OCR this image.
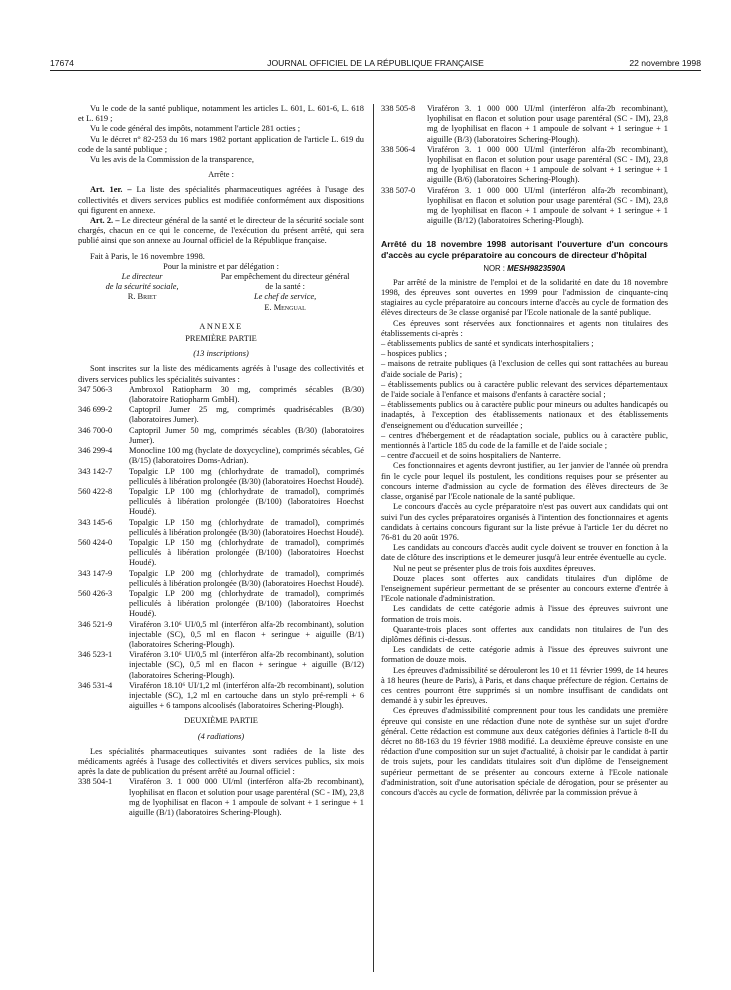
17674	JOURNAL OFFICIEL DE LA RÉPUBLIQUE FRANÇAISE	22 novembre 1998

Vu le code de la santé publique, notamment les articles L. 601, L. 601-6, L. 618 et L. 619 ;

Vu le code général des impôts, notamment l'article 281 octies ;

Vu le décret n° 82-253 du 16 mars 1982 portant application de l'article L. 619 du code de la santé publique ;

Vu les avis de la Commission de la transparence,

Arrête :

Art. 1er. – La liste des spécialités pharmaceutiques agréées à l'usage des collectivités et divers services publics est modifiée conformément aux dispositions qui figurent en annexe.

Art. 2. – Le directeur général de la santé et le directeur de la sécurité sociale sont chargés, chacun en ce qui le concerne, de l'exécution du présent arrêté, qui sera publié ainsi que son annexe au Journal officiel de la République française.

Fait à Paris, le 16 novembre 1998.

Pour la ministre et par délégation :

Le directeur
de la sécurité sociale,
R. Briet
Par empêchement du directeur général
de la santé :
Le chef de service,
E. Mengual

ANNEXE

PREMIÈRE PARTIE

(13 inscriptions)

Sont inscrites sur la liste des médicaments agréés à l'usage des collectivités et divers services publics les spécialités suivantes :

347 506-3	Ambroxol Ratiopharm 30 mg, comprimés sécables (B/30) (laboratoire Ratiopharm GmbH).
346 699-2	Captopril Jumer 25 mg, comprimés quadrisécables (B/30) (laboratoires Jumer).
346 700-0	Captopril Jumer 50 mg, comprimés sécables (B/30) (laboratoires Jumer).
346 299-4	Monocline 100 mg (hyclate de doxycycline), comprimés sécables, Gé (B/15) (laboratoires Doms-Adrian).
343 142-7	Topalgic LP 100 mg (chlorhydrate de tramadol), comprimés pelliculés à libération prolongée (B/30) (laboratoires Hoechst Houdé).
560 422-8	Topalgic LP 100 mg (chlorhydrate de tramadol), comprimés pelliculés à libération prolongée (B/100) (laboratoires Hoechst Houdé).
343 145-6	Topalgic LP 150 mg (chlorhydrate de tramadol), comprimés pelliculés à libération prolongée (B/30) (laboratoires Hoechst Houdé).
560 424-0	Topalgic LP 150 mg (chlorhydrate de tramadol), comprimés pelliculés à libération prolongée (B/100) (laboratoires Hoechst Houdé).
343 147-9	Topalgic LP 200 mg (chlorhydrate de tramadol), comprimés pelliculés à libération prolongée (B/30) (laboratoires Hoechst Houdé).
560 426-3	Topalgic LP 200 mg (chlorhydrate de tramadol), comprimés pelliculés à libération prolongée (B/100) (laboratoires Hoechst Houdé).
346 521-9	Viraféron 3.10⁶ UI/0,5 ml (interféron alfa-2b recombinant), solution injectable (SC), 0,5 ml en flacon + seringue + aiguille (B/1) (laboratoires Schering-Plough).
346 523-1	Viraféron 3.10⁶ UI/0,5 ml (interféron alfa-2b recombinant), solution injectable (SC), 0,5 ml en flacon + seringue + aiguille (B/12) (laboratoires Schering-Plough).
346 531-4	Viraféron 18.10⁶ UI/1,2 ml (interféron alfa-2b recombinant), solution injectable (SC), 1,2 ml en cartouche dans un stylo pré-rempli + 6 aiguilles + 6 tampons alcoolisés (laboratoires Schering-Plough).

DEUXIÈME PARTIE

(4 radiations)

Les spécialités pharmaceutiques suivantes sont radiées de la liste des médicaments agréés à l'usage des collectivités et divers services publics, six mois après la date de publication du présent arrêté au Journal officiel :

338 504-1	Viraféron 3. 1 000 000 UI/ml (interféron alfa-2b recombinant), lyophilisat en flacon et solution pour usage parentéral (SC - IM), 23,8 mg de lyophilisat en flacon + 1 ampoule de solvant + 1 seringue + 1 aiguille (B/1) (laboratoires Schering-Plough).
338 505-8	Viraféron 3. 1 000 000 UI/ml (interféron alfa-2b recombinant), lyophilisat en flacon et solution pour usage parentéral (SC - IM), 23,8 mg de lyophilisat en flacon + 1 ampoule de solvant + 1 seringue + 1 aiguille (B/3) (laboratoires Schering-Plough).
338 506-4	Viraféron 3. 1 000 000 UI/ml (interféron alfa-2b recombinant), lyophilisat en flacon et solution pour usage parentéral (SC - IM), 23,8 mg de lyophilisat en flacon + 1 ampoule de solvant + 1 seringue + 1 aiguille (B/6) (laboratoires Schering-Plough).
338 507-0	Viraféron 3. 1 000 000 UI/ml (interféron alfa-2b recombinant), lyophilisat en flacon et solution pour usage parentéral (SC - IM), 23,8 mg de lyophilisat en flacon + 1 ampoule de solvant + 1 seringue + 1 aiguille (B/12) (laboratoires Schering-Plough).

Arrêté du 18 novembre 1998 autorisant l'ouverture d'un concours d'accès au cycle préparatoire au concours de directeur d'hôpital

NOR : MESH9823590A

Par arrêté de la ministre de l'emploi et de la solidarité en date du 18 novembre 1998, des épreuves sont ouvertes en 1999 pour l'admission de cinquante-cinq stagiaires au cycle préparatoire au concours interne d'accès au cycle de formation des élèves directeurs de 3e classe organisé par l'Ecole nationale de la santé publique.

Ces épreuves sont réservées aux fonctionnaires et agents non titulaires des établissements ci-après :

– établissements publics de santé et syndicats interhospitaliers ;

– hospices publics ;

– maisons de retraite publiques (à l'exclusion de celles qui sont rattachées au bureau d'aide sociale de Paris) ;

– établissements publics ou à caractère public relevant des services départementaux de l'aide sociale à l'enfance et maisons d'enfants à caractère social ;

– établissements publics ou à caractère public pour mineurs ou adultes handicapés ou inadaptés, à l'exception des établissements nationaux et des établissements d'enseignement ou d'éducation surveillée ;

– centres d'hébergement et de réadaptation sociale, publics ou à caractère public, mentionnés à l'article 185 du code de la famille et de l'aide sociale ;

– centre d'accueil et de soins hospitaliers de Nanterre.

Ces fonctionnaires et agents devront justifier, au 1er janvier de l'année où prendra fin le cycle pour lequel ils postulent, les conditions requises pour se présenter au concours interne d'admission au cycle de formation des élèves directeurs de 3e classe, organisé par l'Ecole nationale de la santé publique.

Le concours d'accès au cycle préparatoire n'est pas ouvert aux candidats qui ont suivi l'un des cycles préparatoires organisés à l'intention des fonctionnaires et agents candidats à certains concours figurant sur la liste prévue à l'article 1er du décret no 76-81 du 20 août 1976.

Les candidats au concours d'accès audit cycle doivent se trouver en fonction à la date de clôture des inscriptions et le demeurer jusqu'à leur entrée éventuelle au cycle.

Nul ne peut se présenter plus de trois fois auxdites épreuves.

Douze places sont offertes aux candidats titulaires d'un diplôme de l'enseignement supérieur permettant de se présenter au concours externe d'entrée à l'Ecole nationale d'administration.

Les candidats de cette catégorie admis à l'issue des épreuves suivront une formation de trois mois.

Quarante-trois places sont offertes aux candidats non titulaires de l'un des diplômes définis ci-dessus.

Les candidats de cette catégorie admis à l'issue des épreuves suivront une formation de douze mois.

Les épreuves d'admissibilité se dérouleront les 10 et 11 février 1999, de 14 heures à 18 heures (heure de Paris), à Paris, et dans chaque préfecture de région. Certains de ces centres pourront être supprimés si un nombre insuffisant de candidats ont demandé à y subir les épreuves.

Ces épreuves d'admissibilité comprennent pour tous les candidats une première épreuve qui consiste en une rédaction d'une note de synthèse sur un sujet d'ordre général. Cette rédaction est commune aux deux catégories définies à l'article 8-II du décret no 88-163 du 19 février 1988 modifié. La deuxième épreuve consiste en une rédaction d'une composition sur un sujet d'actualité, à choisir par le candidat à partir de trois sujets, pour les candidats titulaires soit d'un diplôme de l'enseignement supérieur permettant de se présenter au concours externe à l'Ecole nationale d'administration, soit d'une autorisation spéciale de dérogation, pour se présenter au concours d'accès au cycle de formation, délivrée par la commission prévue à
